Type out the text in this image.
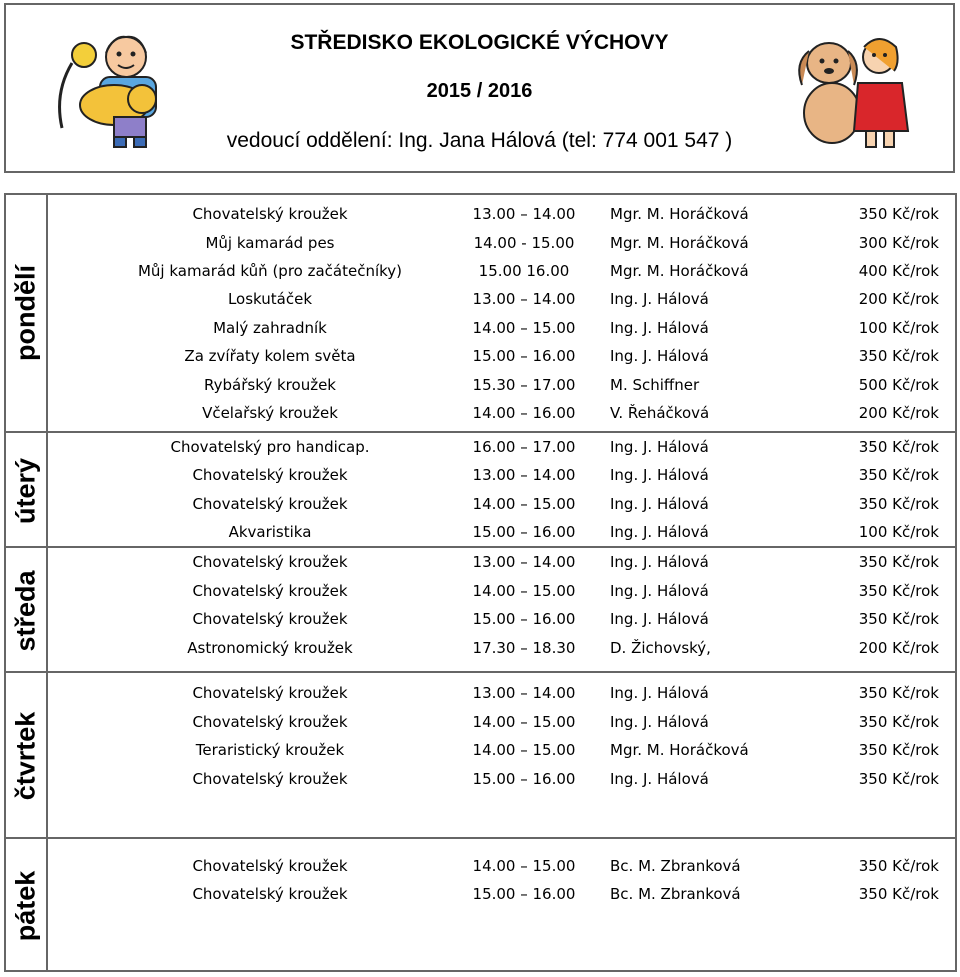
STŘEDISKO EKOLOGICKÉ VÝCHOVY
2015 / 2016
vedoucí oddělení: Ing. Jana Hálová (tel: 774 001 547 )
pondělí
Chovatelský kroužek	13.00 – 14.00	Mgr. M. Horáčková	350 Kč/rok
Můj kamarád pes	14.00 - 15.00	Mgr. M. Horáčková	300 Kč/rok
Můj kamarád kůň (pro začátečníky)	15.00 16.00	Mgr. M. Horáčková	400 Kč/rok
Loskutáček	13.00 – 14.00	Ing. J. Hálová	200 Kč/rok
Malý zahradník	14.00 – 15.00	Ing. J. Hálová	100 Kč/rok
Za zvířaty kolem světa	15.00 – 16.00	Ing. J. Hálová	350 Kč/rok
Rybářský kroužek	15.30 – 17.00	M. Schiffner	500 Kč/rok
Včelařský kroužek	14.00 – 16.00	V. Řeháčková	200 Kč/rok
úterý
Chovatelský pro handicap.	16.00 – 17.00	Ing. J. Hálová	350 Kč/rok
Chovatelský kroužek	13.00 – 14.00	Ing. J. Hálová	350 Kč/rok
Chovatelský kroužek	14.00 – 15.00	Ing. J. Hálová	350 Kč/rok
Akvaristika	15.00 – 16.00	Ing. J. Hálová	100 Kč/rok
středa
Chovatelský kroužek	13.00 – 14.00	Ing. J. Hálová	350 Kč/rok
Chovatelský kroužek	14.00 – 15.00	Ing. J. Hálová	350 Kč/rok
Chovatelský kroužek	15.00 – 16.00	Ing. J. Hálová	350 Kč/rok
Astronomický kroužek	17.30 – 18.30	D. Žichovský,	200 Kč/rok
čtvrtek
Chovatelský kroužek	13.00 – 14.00	Ing. J. Hálová	350 Kč/rok
Chovatelský kroužek	14.00 – 15.00	Ing. J. Hálová	350 Kč/rok
Teraristický kroužek	14.00 – 15.00	Mgr. M. Horáčková	350 Kč/rok
Chovatelský kroužek	15.00 – 16.00	Ing. J. Hálová	350 Kč/rok
pátek
Chovatelský kroužek	14.00 – 15.00	Bc. M. Zbranková	350 Kč/rok
Chovatelský kroužek	15.00 – 16.00	Bc. M. Zbranková	350 Kč/rok
